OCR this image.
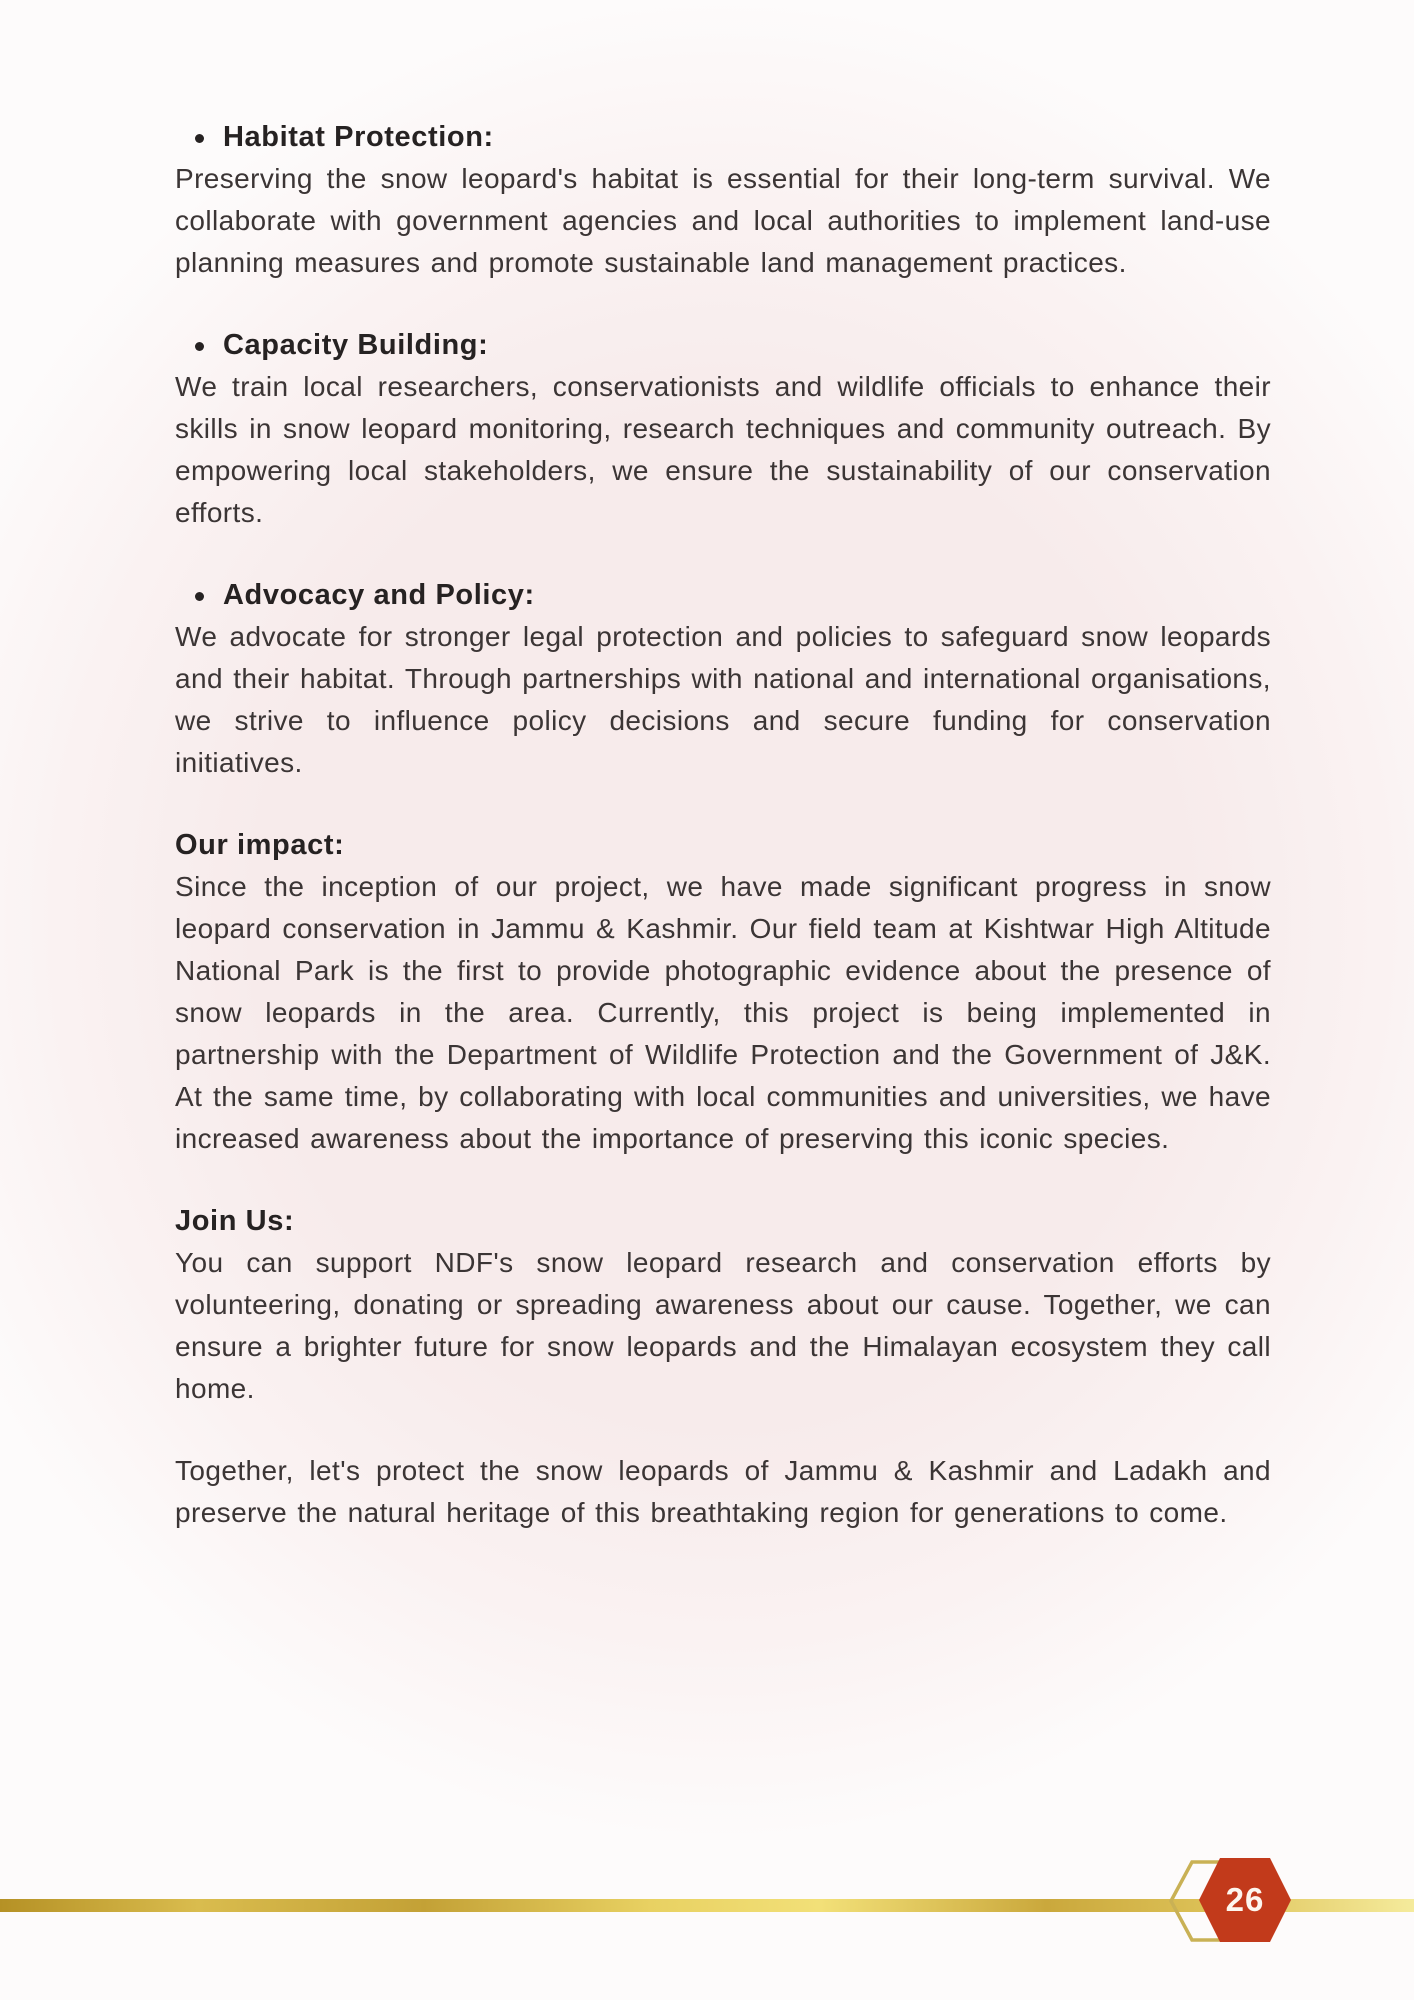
Habitat Protection:

Preserving the snow leopard's habitat is essential for their long-term survival. We collaborate with government agencies and local authorities to implement land-use planning measures and promote sustainable land management practices.

Capacity Building:

We train local researchers, conservationists and wildlife officials to enhance their skills in snow leopard monitoring, research techniques and community outreach. By empowering local stakeholders, we ensure the sustainability of our conservation efforts.

Advocacy and Policy:

We advocate for stronger legal protection and policies to safeguard snow leopards and their habitat. Through partnerships with national and international organisations, we strive to influence policy decisions and secure funding for conservation initiatives.

Our impact:

Since the inception of our project, we have made significant progress in snow leopard conservation in Jammu & Kashmir. Our field team at Kishtwar High Altitude National Park is the first to provide photographic evidence about the presence of snow leopards in the area. Currently, this project is being implemented in partnership with the Department of Wildlife Protection and the Government of J&K. At the same time, by collaborating with local communities and universities, we have increased awareness about the importance of preserving this iconic species.

Join Us:

You can support NDF's snow leopard research and conservation efforts by volunteering, donating or spreading awareness about our cause. Together, we can ensure a brighter future for snow leopards and the Himalayan ecosystem they call home.

Together, let's protect the snow leopards of Jammu & Kashmir and Ladakh and preserve the natural heritage of this breathtaking region for generations to come.

26
